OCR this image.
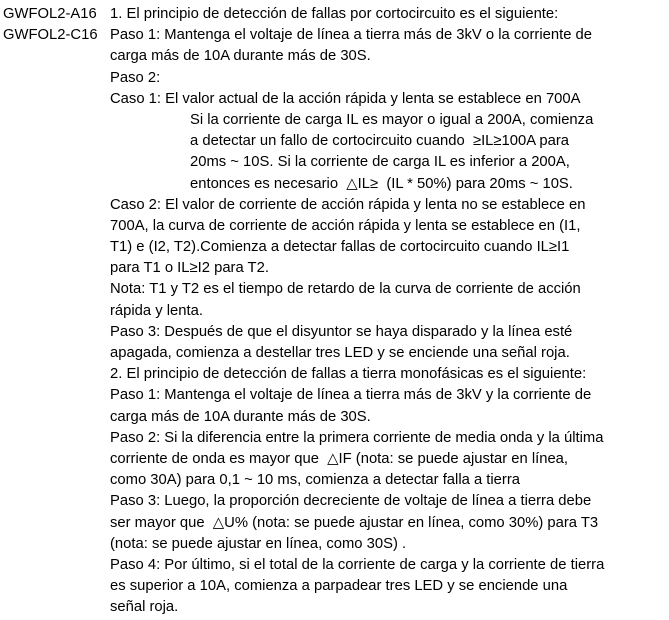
GWFOL2-A16 1. El principio de detección de fallas por cortocircuito es el siguiente:
GWFOL2-C16 Paso 1: Mantenga el voltaje de línea a tierra más de 3kV o la corriente de
carga más de 10A durante más de 30S.
Paso 2:
Caso 1: El valor actual de la acción rápida y lenta se establece en 700A
Si la corriente de carga IL es mayor o igual a 200A, comienza
a detectar un fallo de cortocircuito cuando  ≥IL≥100A para
20ms ~ 10S. Si la corriente de carga IL es inferior a 200A,
entonces es necesario  △IL≥  (IL * 50%) para 20ms ~ 10S.
Caso 2: El valor de corriente de acción rápida y lenta no se establece en
700A, la curva de corriente de acción rápida y lenta se establece en (I1,
T1) e (I2, T2).Comienza a detectar fallas de cortocircuito cuando IL≥I1
para T1 o IL≥I2 para T2.
Nota: T1 y T2 es el tiempo de retardo de la curva de corriente de acción
rápida y lenta.
Paso 3: Después de que el disyuntor se haya disparado y la línea esté
apagada, comienza a destellar tres LED y se enciende una señal roja.
2. El principio de detección de fallas a tierra monofásicas es el siguiente:
Paso 1: Mantenga el voltaje de línea a tierra más de 3kV y la corriente de
carga más de 10A durante más de 30S.
Paso 2: Si la diferencia entre la primera corriente de media onda y la última
corriente de onda es mayor que  △IF (nota: se puede ajustar en línea,
como 30A) para 0,1 ~ 10 ms, comienza a detectar falla a tierra
Paso 3: Luego, la proporción decreciente de voltaje de línea a tierra debe
ser mayor que  △U% (nota: se puede ajustar en línea, como 30%) para T3
(nota: se puede ajustar en línea, como 30S) .
Paso 4: Por último, si el total de la corriente de carga y la corriente de tierra
es superior a 10A, comienza a parpadear tres LED y se enciende una
señal roja.
